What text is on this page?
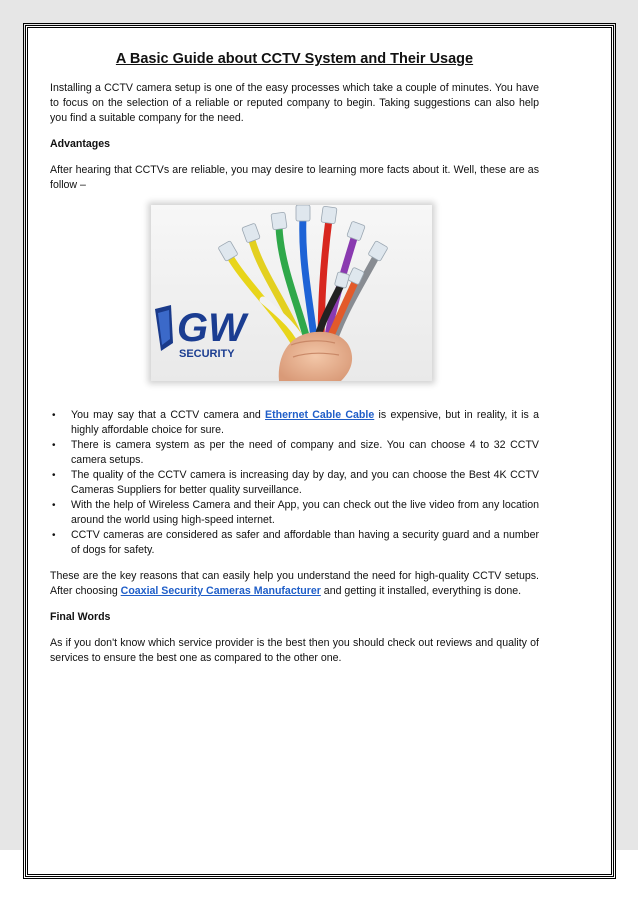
A Basic Guide about CCTV System and Their Usage

Installing a CCTV camera setup is one of the easy processes which take a couple of minutes. You have to focus on the selection of a reliable or reputed company to begin. Taking suggestions can also help you find a suitable company for the need.

Advantages

After hearing that CCTVs are reliable, you may desire to learning more facts about it. Well, these are as follow –

GW
SECURITY
• You may say that a CCTV camera and Ethernet Cable Cable is expensive, but in reality, it is a highly affordable choice for sure.
• There is camera system as per the need of company and size. You can choose 4 to 32 CCTV camera setups.
• The quality of the CCTV camera is increasing day by day, and you can choose the Best 4K CCTV Cameras Suppliers for better quality surveillance.
• With the help of Wireless Camera and their App, you can check out the live video from any location around the world using high-speed internet.
• CCTV cameras are considered as safer and affordable than having a security guard and a number of dogs for safety.

These are the key reasons that can easily help you understand the need for high-quality CCTV setups. After choosing Coaxial Security Cameras Manufacturer and getting it installed, everything is done.

Final Words

As if you don't know which service provider is the best then you should check out reviews and quality of services to ensure the best one as compared to the other one.
